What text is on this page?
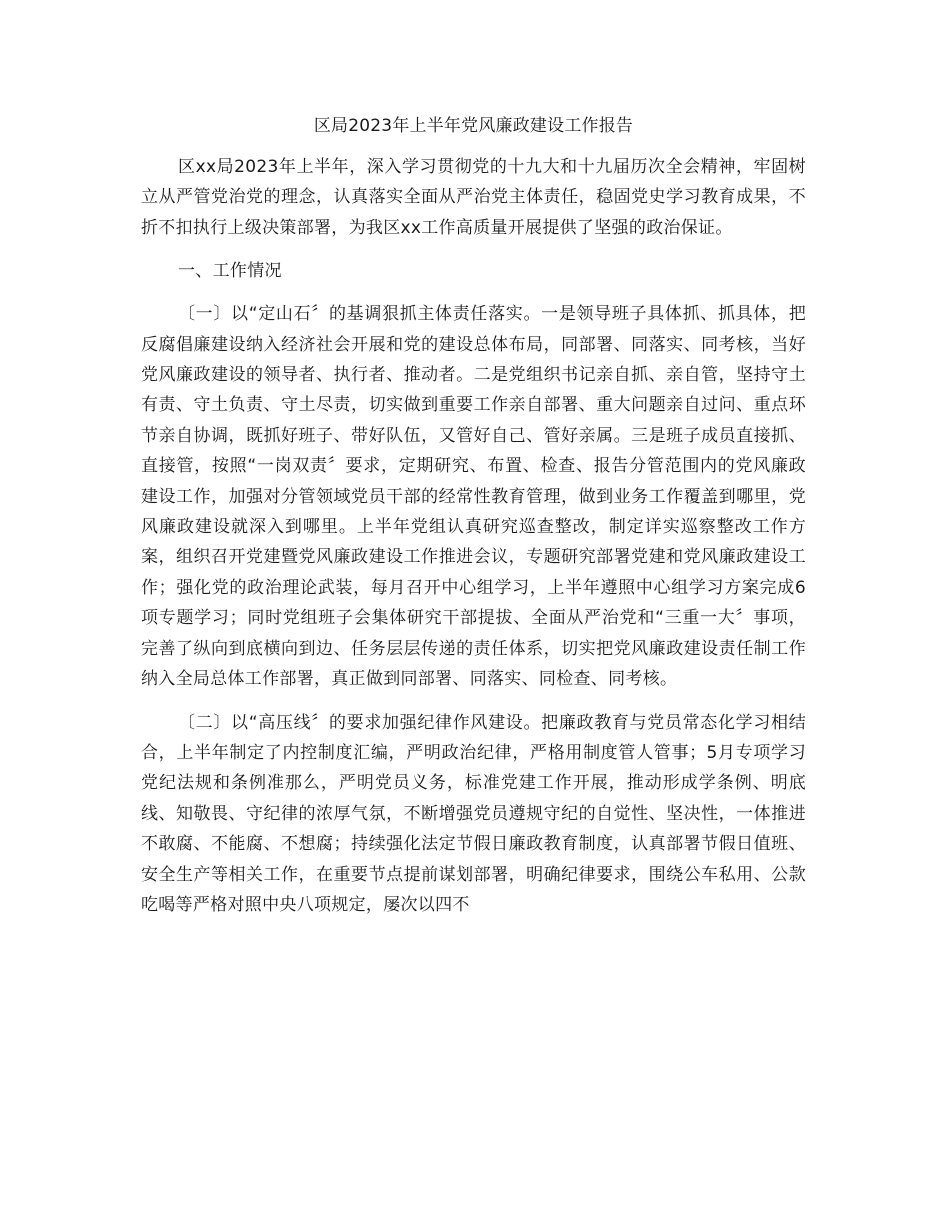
区局2023年上半年党风廉政建设工作报告

区xx局2023年上半年，深入学习贯彻党的十九大和十九届历次全会精神，牢固树立从严管党治党的理念，认真落实全面从严治党主体责任，稳固党史学习教育成果，不折不扣执行上级决策部署，为我区xx工作高质量开展提供了坚强的政治保证。

一、工作情况

〔一〕以“定山石〞的基调狠抓主体责任落实。一是领导班子具体抓、抓具体，把反腐倡廉建设纳入经济社会开展和党的建设总体布局，同部署、同落实、同考核，当好党风廉政建设的领导者、执行者、推动者。二是党组织书记亲自抓、亲自管，坚持守土有责、守土负责、守土尽责，切实做到重要工作亲自部署、重大问题亲自过问、重点环节亲自协调，既抓好班子、带好队伍，又管好自己、管好亲属。三是班子成员直接抓、直接管，按照“一岗双责〞要求，定期研究、布置、检查、报告分管范围内的党风廉政建设工作，加强对分管领域党员干部的经常性教育管理，做到业务工作覆盖到哪里，党风廉政建设就深入到哪里。上半年党组认真研究巡查整改，制定详实巡察整改工作方案，组织召开党建暨党风廉政建设工作推进会议，专题研究部署党建和党风廉政建设工作；强化党的政治理论武装，每月召开中心组学习，上半年遵照中心组学习方案完成6项专题学习；同时党组班子会集体研究干部提拔、全面从严治党和“三重一大〞事项，完善了纵向到底横向到边、任务层层传递的责任体系，切实把党风廉政建设责任制工作纳入全局总体工作部署，真正做到同部署、同落实、同检查、同考核。

〔二〕以“高压线〞的要求加强纪律作风建设。把廉政教育与党员常态化学习相结合，上半年制定了内控制度汇编，严明政治纪律，严格用制度管人管事；5月专项学习党纪法规和条例准那么，严明党员义务，标准党建工作开展，推动形成学条例、明底线、知敬畏、守纪律的浓厚气氛，不断增强党员遵规守纪的自觉性、坚决性，一体推进不敢腐、不能腐、不想腐；持续强化法定节假日廉政教育制度，认真部署节假日值班、安全生产等相关工作，在重要节点提前谋划部署，明确纪律要求，围绕公车私用、公款吃喝等严格对照中央八项规定，屡次以四不
